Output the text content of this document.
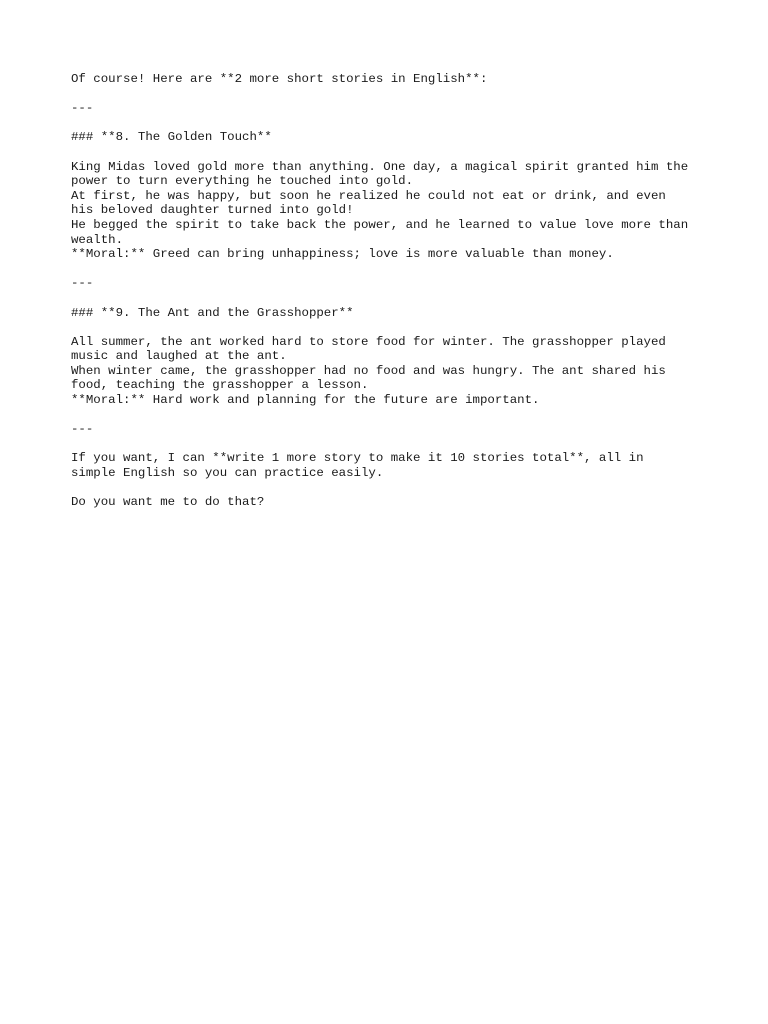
Of course! Here are **2 more short stories in English**:
---
### **8. The Golden Touch**
King Midas loved gold more than anything. One day, a magical spirit granted him the
power to turn everything he touched into gold.
At first, he was happy, but soon he realized he could not eat or drink, and even
his beloved daughter turned into gold!
He begged the spirit to take back the power, and he learned to value love more than
wealth.
**Moral:** Greed can bring unhappiness; love is more valuable than money.
---
### **9. The Ant and the Grasshopper**
All summer, the ant worked hard to store food for winter. The grasshopper played
music and laughed at the ant.
When winter came, the grasshopper had no food and was hungry. The ant shared his
food, teaching the grasshopper a lesson.
**Moral:** Hard work and planning for the future are important.
---
If you want, I can **write 1 more story to make it 10 stories total**, all in
simple English so you can practice easily.
Do you want me to do that?
